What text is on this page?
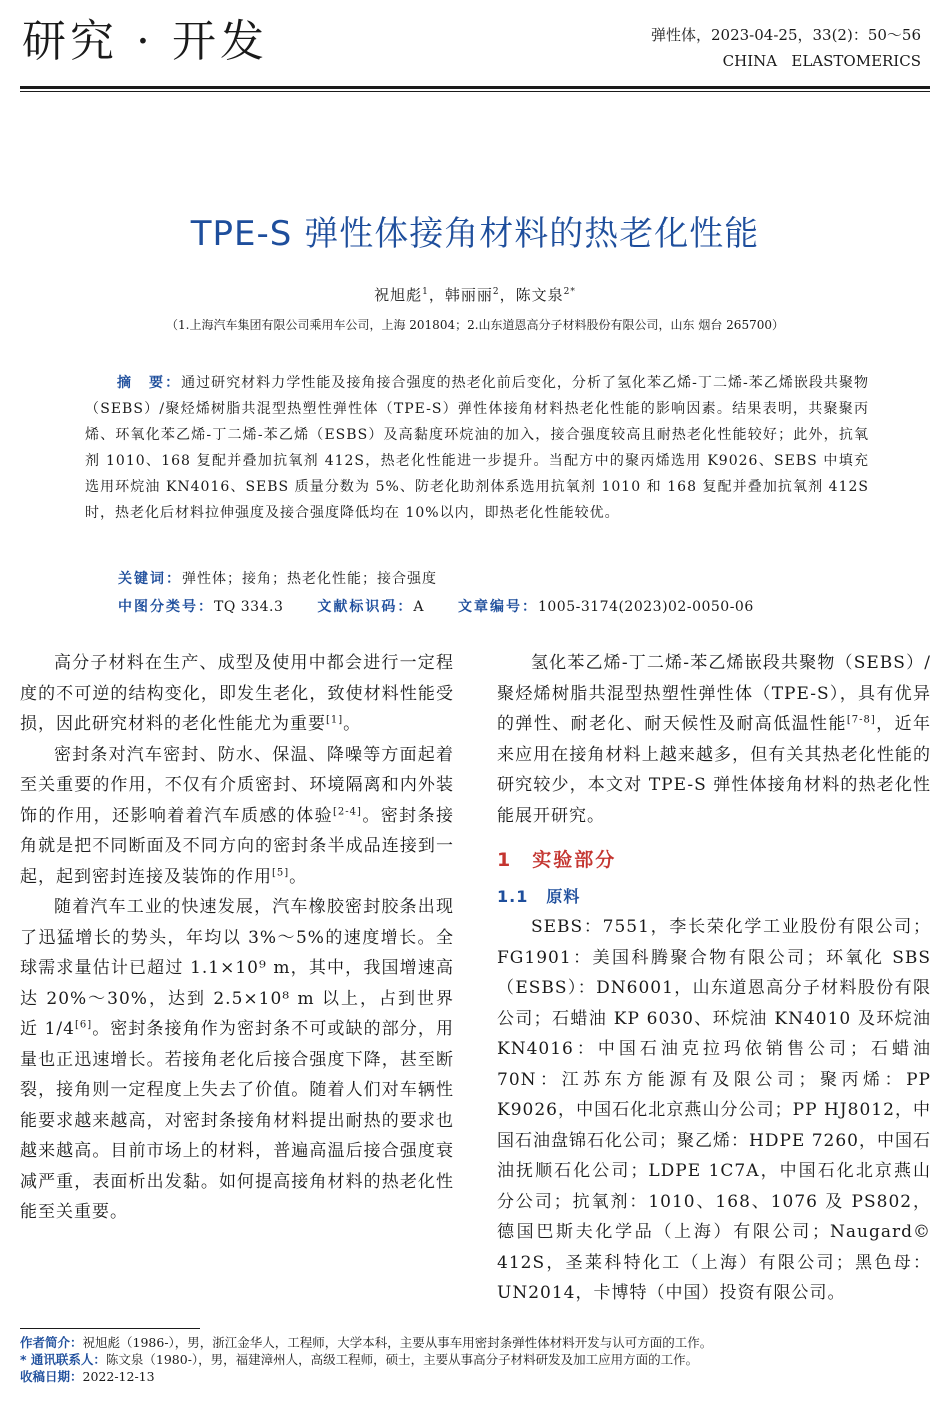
研究 · 开发	弹性体，2023-04-25，33(2)：50～56
CHINA   ELASTOMERICS
TPE-S 弹性体接角材料的热老化性能
祝旭彪$^1$，韩丽丽$^2$，陈文泉$^{2*}$
（1.上海汽车集团有限公司乘用车公司，上海 201804；2.山东道恩高分子材料股份有限公司，山东 烟台 265700）

摘　要：通过研究材料力学性能及接角接合强度的热老化前后变化，分析了氢化苯乙烯-丁二烯-苯乙烯嵌段共聚物（SEBS）/聚烃烯树脂共混型热塑性弹性体（TPE-S）弹性体接角材料热老化性能的影响因素。结果表明，共聚聚丙烯、环氧化苯乙烯-丁二烯-苯乙烯（ESBS）及高黏度环烷油的加入，接合强度较高且耐热老化性能较好；此外，抗氧剂 1010、168 复配并叠加抗氧剂 412S，热老化性能进一步提升。当配方中的聚丙烯选用 K9026、SEBS 中填充选用环烷油 KN4016、SEBS 质量分数为 5%、防老化助剂体系选用抗氧剂 1010 和 168 复配并叠加抗氧剂 412S 时，热老化后材料拉伸强度及接合强度降低均在 10%以内，即热老化性能较优。

关键词：弹性体；接角；热老化性能；接合强度
中图分类号：TQ 334.3 文献标识码：A 文章编号：1005-3174(2023)02-0050-06

高分子材料在生产、成型及使用中都会进行一定程度的不可逆的结构变化，即发生老化，致使材料性能受损，因此研究材料的老化性能尤为重要[1]。

密封条对汽车密封、防水、保温、降噪等方面起着至关重要的作用，不仅有介质密封、环境隔离和内外装饰的作用，还影响着着汽车质感的体验[2-4]。密封条接角就是把不同断面及不同方向的密封条半成品连接到一起，起到密封连接及装饰的作用[5]。

随着汽车工业的快速发展，汽车橡胶密封胶条出现了迅猛增长的势头，年均以 3%～5%的速度增长。全球需求量估计已超过 1.1×10⁹ m，其中，我国增速高达 20%～30%，达到 2.5×10⁸ m 以上，占到世界近 1/4[6]。密封条接角作为密封条不可或缺的部分，用量也正迅速增长。若接角老化后接合强度下降，甚至断裂，接角则一定程度上失去了价值。随着人们对车辆性能要求越来越高，对密封条接角材料提出耐热的要求也越来越高。目前市场上的材料，普遍高温后接合强度衰减严重，表面析出发黏。如何提高接角材料的热老化性能至关重要。

氢化苯乙烯-丁二烯-苯乙烯嵌段共聚物（SEBS）/聚烃烯树脂共混型热塑性弹性体（TPE-S），具有优异的弹性、耐老化、耐天候性及耐高低温性能[7-8]，近年来应用在接角材料上越来越多，但有关其热老化性能的研究较少，本文对 TPE-S 弹性体接角材料的热老化性能展开研究。

1 实验部分
1.1 原料

SEBS：7551，李长荣化学工业股份有限公司；FG1901：美国科腾聚合物有限公司；环氧化 SBS（ESBS）：DN6001，山东道恩高分子材料股份有限公司；石蜡油 KP 6030、环烷油 KN4010 及环烷油 KN4016：中国石油克拉玛依销售公司；石蜡油 70N：江苏东方能源有及限公司；聚丙烯：PP K9026，中国石化北京燕山分公司；PP HJ8012，中国石油盘锦石化公司；聚乙烯：HDPE 7260，中国石油抚顺石化公司；LDPE 1C7A，中国石化北京燕山分公司；抗氧剂：1010、168、1076 及 PS802，德国巴斯夫化学品（上海）有限公司；Naugard© 412S，圣莱科特化工（上海）有限公司；黑色母：UN2014，卡博特（中国）投资有限公司。

作者简介：祝旭彪（1986-），男，浙江金华人，工程师，大学本科，主要从事车用密封条弹性体材料开发与认可方面的工作。
* 通讯联系人：陈文泉（1980-），男，福建漳州人，高级工程师，硕士，主要从事高分子材料研发及加工应用方面的工作。
收稿日期：2022-12-13
